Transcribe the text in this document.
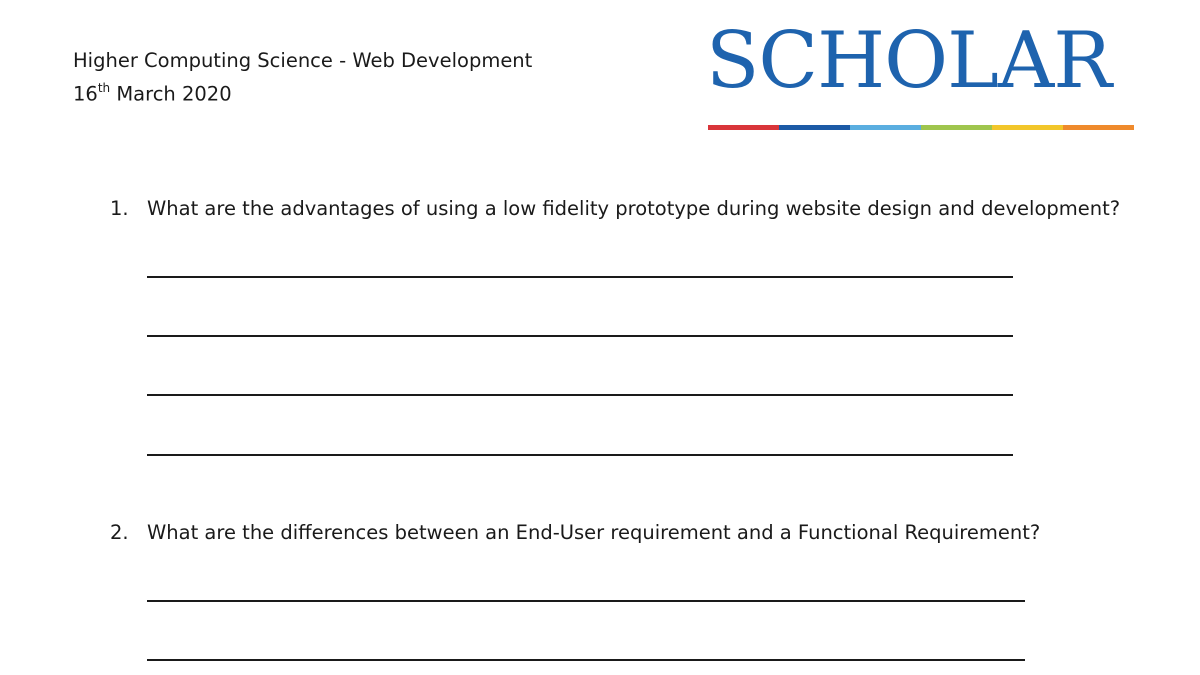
Higher Computing Science - Web Development
16th March 2020	SCHOLAR
1. What are the advantages of using a low fidelity prototype during website design and development?
2. What are the differences between an End-User requirement and a Functional Requirement?
